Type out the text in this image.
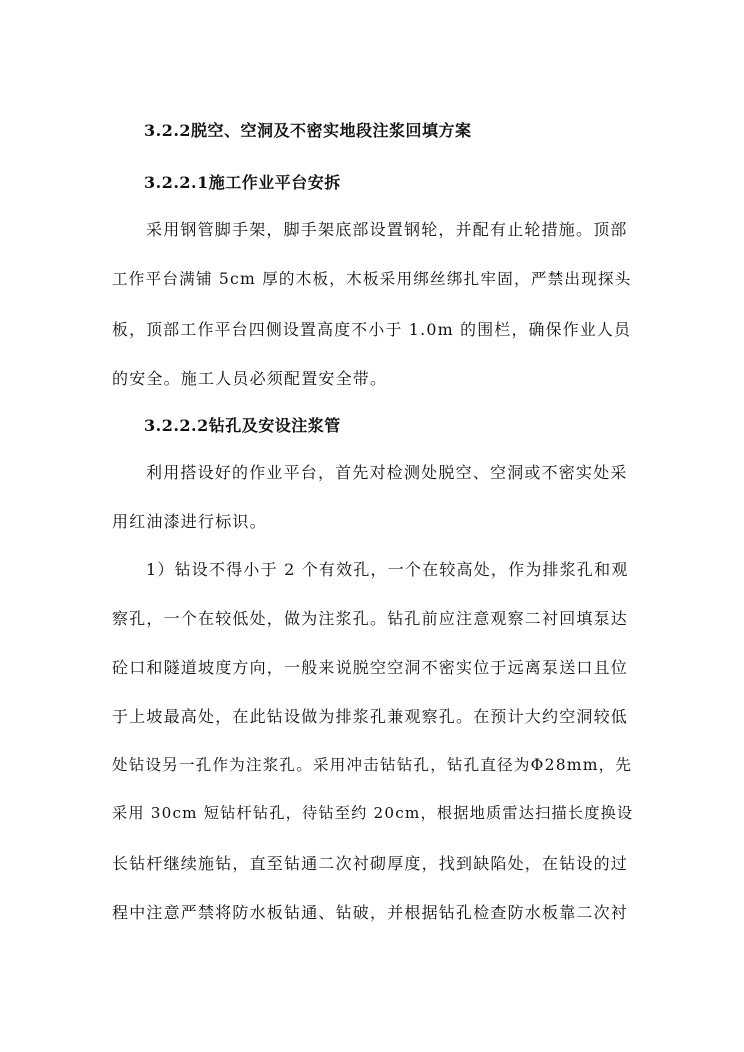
3.2.2脱空、空洞及不密实地段注浆回填方案
3.2.2.1施工作业平台安拆
采用钢管脚手架，脚手架底部设置钢轮，并配有止轮措施。顶部
工作平台满铺 5cm 厚的木板，木板采用绑丝绑扎牢固，严禁出现探头
板，顶部工作平台四侧设置高度不小于 1.0m 的围栏，确保作业人员
的安全。施工人员必须配置安全带。
3.2.2.2钻孔及安设注浆管
利用搭设好的作业平台，首先对检测处脱空、空洞或不密实处采
用红油漆进行标识。
1）钻设不得小于 2 个有效孔，一个在较高处，作为排浆孔和观
察孔，一个在较低处，做为注浆孔。钻孔前应注意观察二衬回填泵达
砼口和隧道坡度方向，一般来说脱空空洞不密实位于远离泵送口且位
于上坡最高处，在此钻设做为排浆孔兼观察孔。在预计大约空洞较低
处钻设另一孔作为注浆孔。采用冲击钻钻孔，钻孔直径为Φ28mm，先
采用 30cm 短钻杆钻孔，待钻至约 20cm，根据地质雷达扫描长度换设
长钻杆继续施钻，直至钻通二次衬砌厚度，找到缺陷处，在钻设的过
程中注意严禁将防水板钻通、钻破，并根据钻孔检查防水板靠二次衬
